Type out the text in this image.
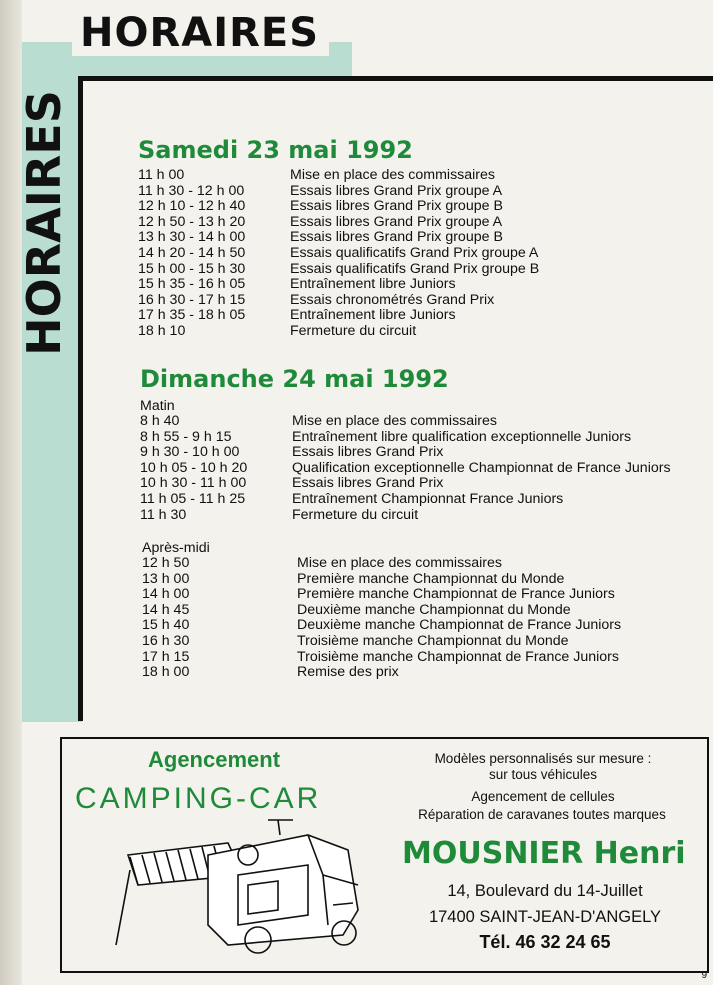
HORAIRES
HORAIRES	Samedi 23 mai 1992
11 h 00	Mise en place des commissaires
11 h 30 - 12 h 00	Essais libres Grand Prix groupe A
12 h 10 - 12 h 40	Essais libres Grand Prix groupe B
12 h 50 - 13 h 20	Essais libres Grand Prix groupe A
13 h 30 - 14 h 00	Essais libres Grand Prix groupe B
14 h 20 - 14 h 50	Essais qualificatifs Grand Prix groupe A
15 h 00 - 15 h 30	Essais qualificatifs Grand Prix groupe B
15 h 35 - 16 h 05	Entraînement libre Juniors
16 h 30 - 17 h 15	Essais chronométrés Grand Prix
17 h 35 - 18 h 05	Entraînement libre Juniors
18 h 10	Fermeture du circuit
Dimanche 24 mai 1992
Matin
8 h 40	Mise en place des commissaires
8 h 55 - 9 h 15	Entraînement libre qualification exceptionnelle Juniors
9 h 30 - 10 h 00	Essais libres Grand Prix
10 h 05 - 10 h 20	Qualification exceptionnelle Championnat de France Juniors
10 h 30 - 11 h 00	Essais libres Grand Prix
11 h 05 - 11 h 25	Entraînement Championnat France Juniors
11 h 30	Fermeture du circuit
Après-midi
12 h 50	Mise en place des commissaires
13 h 00	Première manche Championnat du Monde
14 h 00	Première manche Championnat de France Juniors
14 h 45	Deuxième manche Championnat du Monde
15 h 40	Deuxième manche Championnat de France Juniors
16 h 30	Troisième manche Championnat du Monde
17 h 15	Troisième manche Championnat de France Juniors
18 h 00	Remise des prix
Agencement
CAMPING-CAR
Modèles personnalisés sur mesure :
sur tous véhicules
Agencement de cellules
Réparation de caravanes toutes marques
MOUSNIER Henri
14, Boulevard du 14-Juillet
17400 SAINT-JEAN-D'ANGELY
Tél. 46 32 24 65
9
